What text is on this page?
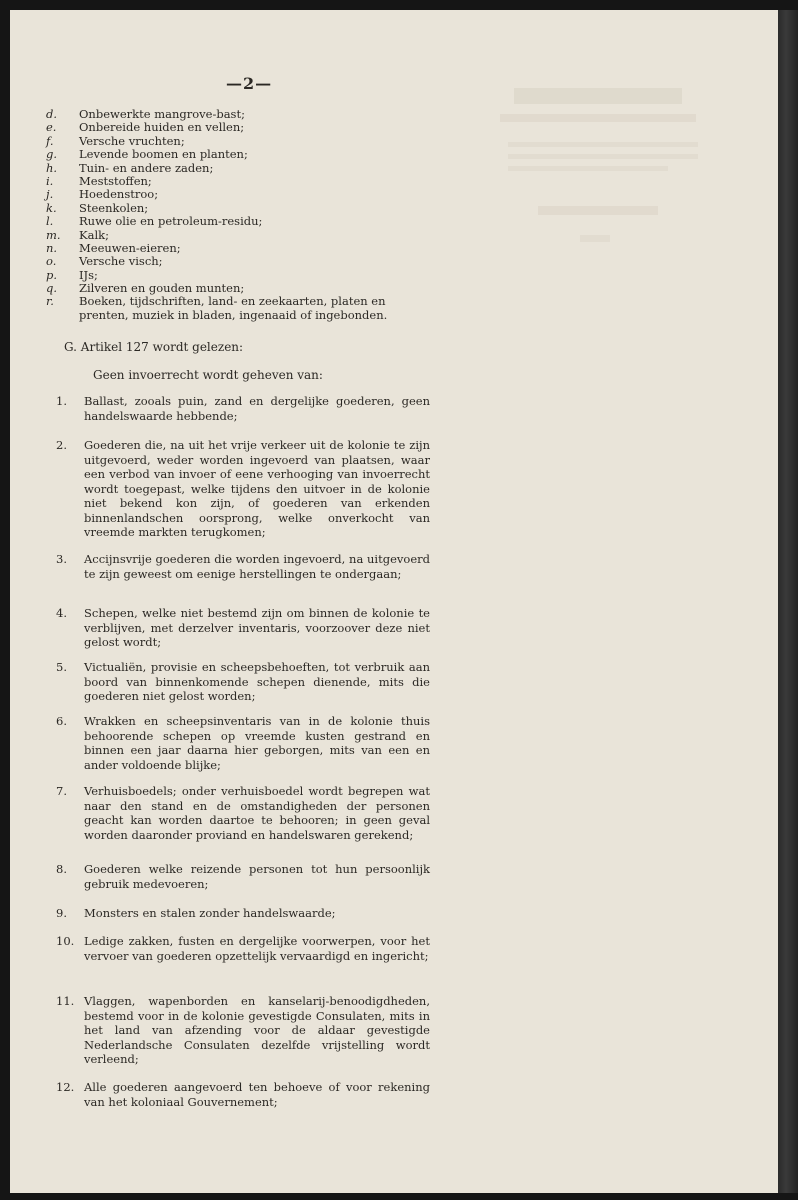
—2—
d.	Onbewerkte mangrove-bast;
e.	Onbereide huiden en vellen;
f.	Versche vruchten;
g.	Levende boomen en planten;
h.	Tuin- en andere zaden;
i.	Meststoffen;
j.	Hoedenstroo;
k.	Steenkolen;
l.	Ruwe olie en petroleum-residu;
m.	Kalk;
n.	Meeuwen-eieren;
o.	Versche visch;
p.	IJs;
q.	Zilveren en gouden munten;
r.	Boeken, tijdschriften, land- en zeekaarten, platen en prenten, muziek in bladen, ingenaaid of ingebonden.
G. Artikel 127 wordt gelezen:
Geen invoerrecht wordt geheven van:
1.	Ballast, zooals puin, zand en dergelijke goederen, geen handelswaarde hebbende;
2.	Goederen die, na uit het vrije verkeer uit de kolonie te zijn uitgevoerd, weder worden ingevoerd van plaatsen, waar een verbod van invoer of eene verhooging van invoerrecht wordt toegepast, welke tijdens den uitvoer in de kolonie niet bekend kon zijn, of goederen van erkenden binnenlandschen oorsprong, welke onverkocht van vreemde markten terugkomen;
3.	Accijnsvrije goederen die worden ingevoerd, na uitgevoerd te zijn geweest om eenige herstellingen te ondergaan;
4.	Schepen, welke niet bestemd zijn om binnen de kolonie te verblijven, met derzelver inventaris, voorzoover deze niet gelost wordt;
5.	Victualiën, provisie en scheepsbehoeften, tot verbruik aan boord van binnenkomende schepen dienende, mits die goederen niet gelost worden;
6.	Wrakken en scheepsinventaris van in de kolonie thuis behoorende schepen op vreemde kusten gestrand en binnen een jaar daarna hier geborgen, mits van een en ander voldoende blijke;
7.	Verhuisboedels; onder verhuisboedel wordt begrepen wat naar den stand en de omstandigheden der personen geacht kan worden daartoe te behooren; in geen geval worden daaronder proviand en handelswaren gerekend;
8.	Goederen welke reizende personen tot hun persoonlijk gebruik medevoeren;
9.	Monsters en stalen zonder handelswaarde;
10. Ledige zakken, fusten en dergelijke voorwerpen, voor het vervoer van goederen opzettelijk vervaardigd en ingericht;
11. Vlaggen, wapenborden en kanselarij-benoodigdheden, bestemd voor in de kolonie gevestigde Consulaten, mits in het land van afzending voor de aldaar gevestigde Nederlandsche Consulaten dezelfde vrijstelling wordt verleend;
12. Alle goederen aangevoerd ten behoeve of voor rekening van het koloniaal Gouvernement;
